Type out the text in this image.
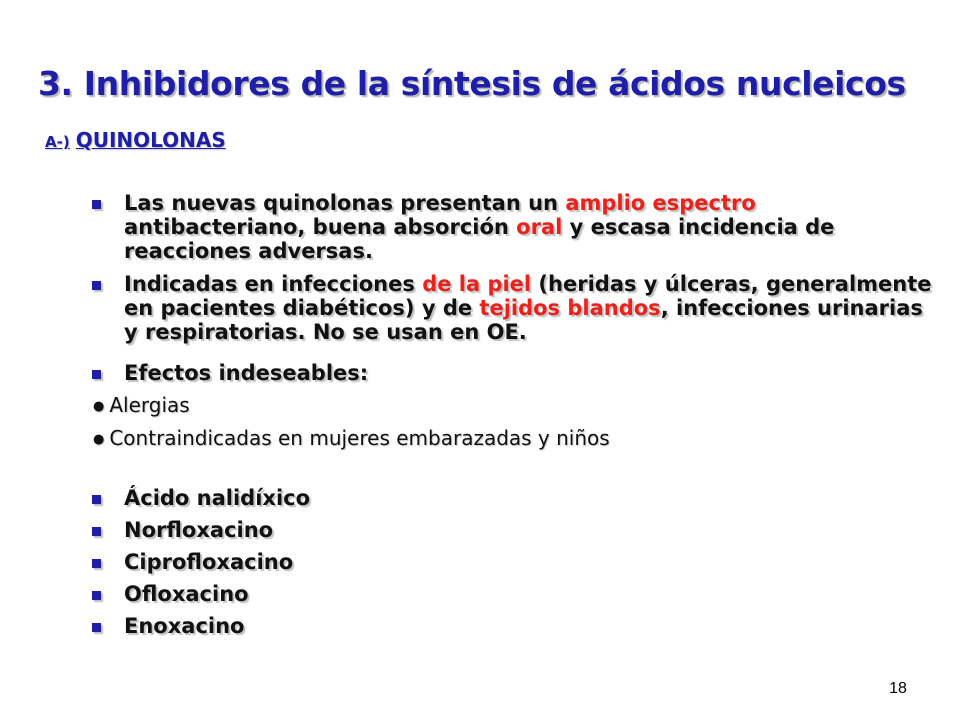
3. Inhibidores de la síntesis de ácidos nucleicos
A-) QUINOLONAS
Las nuevas quinolonas presentan un amplio espectro antibacteriano, buena absorción oral y escasa incidencia de reacciones adversas.
Indicadas en infecciones de la piel (heridas y úlceras, generalmente en pacientes diabéticos) y de tejidos blandos, infecciones urinarias y respiratorias. No se usan en OE.
Efectos indeseables:
● Alergias
● Contraindicadas en mujeres embarazadas y niños
Ácido nalidíxico
Norfloxacino
Ciprofloxacino
Ofloxacino
Enoxacino
18
